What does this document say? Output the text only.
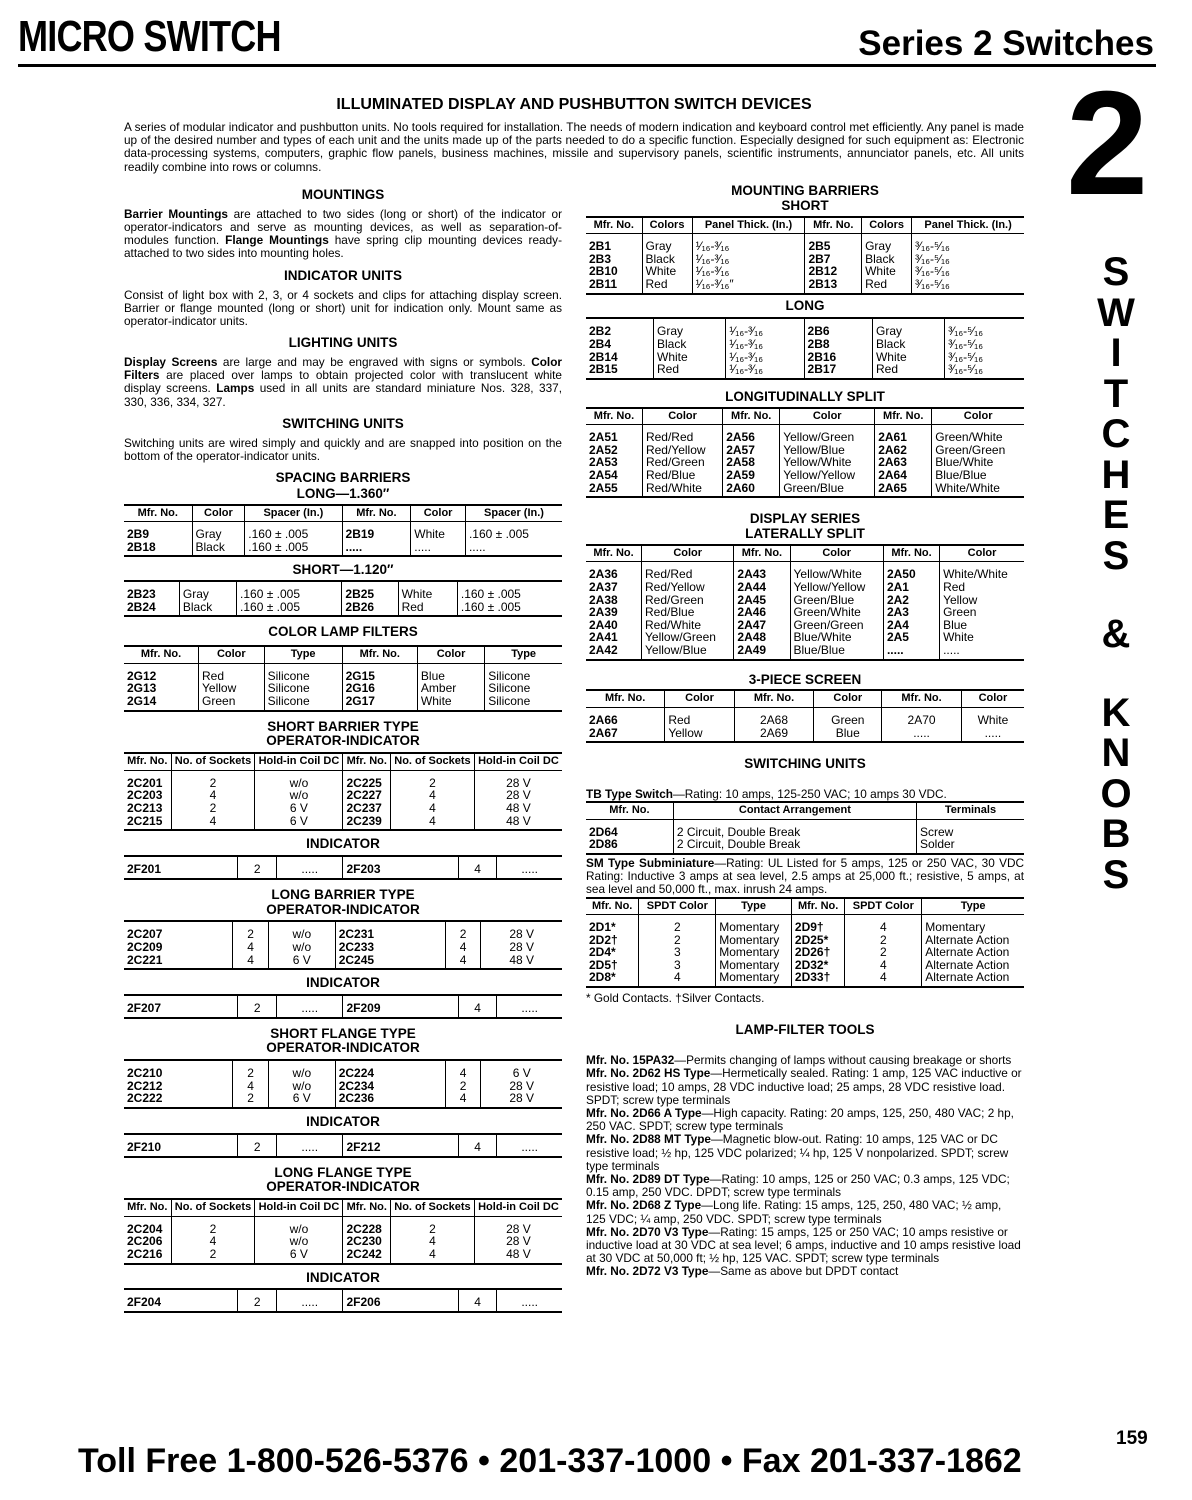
MICRO SWITCH	Series 2 Switches
2
S
W
I
T
C
H
E
S
&
K
N
O
B
S
ILLUMINATED DISPLAY AND PUSHBUTTON SWITCH DEVICES
A series of modular indicator and pushbutton units. No tools required for installation. The needs of modern indication and keyboard control met efficiently. Any panel is made up of the desired number and types of each unit and the units made up of the parts needed to do a specific function. Especially designed for such equipment as: Electronic data-processing systems, computers, graphic flow panels, business machines, missile and supervisory panels, scientific instruments, annunciator panels, etc. All units readily combine into rows or columns.
MOUNTINGS
Barrier Mountings are attached to two sides (long or short) of the indicator or operator-indicators and serve as mounting devices, as well as separation-of-modules function. Flange Mountings have spring clip mounting devices ready-attached to two sides into mounting holes.
INDICATOR UNITS
Consist of light box with 2, 3, or 4 sockets and clips for attaching display screen. Barrier or flange mounted (long or short) unit for indication only. Mount same as operator-indicator units.
LIGHTING UNITS
Display Screens are large and may be engraved with signs or symbols. Color Filters are placed over lamps to obtain projected color with translucent white display screens. Lamps used in all units are standard miniature Nos. 328, 337, 330, 336, 334, 327.
SWITCHING UNITS
Switching units are wired simply and quickly and are snapped into position on the bottom of the operator-indicator units.
SPACING BARRIERS
LONG—1.360″
Mfr. No.	Color	Spacer (In.)	Mfr. No.	Color	Spacer (In.)
2B9	Gray	.160 ± .005	2B19	White	.160 ± .005
2B18	Black	.160 ± .005	.....	.....	.....
SHORT—1.120″
2B23	Gray	.160 ± .005	2B25	White	.160 ± .005
2B24	Black	.160 ± .005	2B26	Red	.160 ± .005
COLOR LAMP FILTERS
Mfr. No.	Color	Type	Mfr. No.	Color	Type
2G12	Red	Silicone	2G15	Blue	Silicone
2G13	Yellow	Silicone	2G16	Amber	Silicone
2G14	Green	Silicone	2G17	White	Silicone
SHORT BARRIER TYPE
OPERATOR-INDICATOR
Mfr. No.	No. of Sockets	Hold-in Coil DC	Mfr. No.	No. of Sockets	Hold-in Coil DC
2C201	2	w/o	2C225	2	28 V
2C203	4	w/o	2C227	4	28 V
2C213	2	6 V	2C237	4	48 V
2C215	4	6 V	2C239	4	48 V
INDICATOR
2F201	2	.....	2F203	4	.....
LONG BARRIER TYPE
OPERATOR-INDICATOR
2C207	2	w/o	2C231	2	28 V
2C209	4	w/o	2C233	4	28 V
2C221	4	6 V	2C245	4	48 V
INDICATOR
2F207	2	.....	2F209	4	.....
SHORT FLANGE TYPE
OPERATOR-INDICATOR
2C210	2	w/o	2C224	4	6 V
2C212	4	w/o	2C234	2	28 V
2C222	2	6 V	2C236	4	28 V
INDICATOR
2F210	2	.....	2F212	4	.....
LONG FLANGE TYPE
OPERATOR-INDICATOR
Mfr. No.	No. of Sockets	Hold-in Coil DC	Mfr. No.	No. of Sockets	Hold-in Coil DC
2C204	2	w/o	2C228	2	28 V
2C206	4	w/o	2C230	4	28 V
2C216	2	6 V	2C242	4	48 V
INDICATOR
2F204	2	.....	2F206	4	.....
MOUNTING BARRIERS
SHORT
Mfr. No.	Colors	Panel Thick. (In.)	Mfr. No.	Colors	Panel Thick. (In.)
2B1	Gray	¹⁄₁₆-³⁄₁₆	2B5	Gray	³⁄₁₆-⁵⁄₁₆
2B3	Black	¹⁄₁₆-³⁄₁₆	2B7	Black	³⁄₁₆-⁵⁄₁₆
2B10	White	¹⁄₁₆-³⁄₁₆	2B12	White	³⁄₁₆-⁵⁄₁₆
2B11	Red	¹⁄₁₆-³⁄₁₆″	2B13	Red	³⁄₁₆-⁵⁄₁₆
LONG
2B2	Gray	¹⁄₁₆-³⁄₁₆	2B6	Gray	³⁄₁₆-⁵⁄₁₆
2B4	Black	¹⁄₁₆-³⁄₁₆	2B8	Black	³⁄₁₆-⁵⁄₁₆
2B14	White	¹⁄₁₆-³⁄₁₆	2B16	White	³⁄₁₆-⁵⁄₁₆
2B15	Red	¹⁄₁₆-³⁄₁₆	2B17	Red	³⁄₁₆-⁵⁄₁₆
LONGITUDINALLY SPLIT
Mfr. No.	Color	Mfr. No.	Color	Mfr. No.	Color
2A51	Red/Red	2A56	Yellow/Green	2A61	Green/White
2A52	Red/Yellow	2A57	Yellow/Blue	2A62	Green/Green
2A53	Red/Green	2A58	Yellow/White	2A63	Blue/White
2A54	Red/Blue	2A59	Yellow/Yellow	2A64	Blue/Blue
2A55	Red/White	2A60	Green/Blue	2A65	White/White
DISPLAY SERIES
LATERALLY SPLIT
Mfr. No.	Color	Mfr. No.	Color	Mfr. No.	Color
2A36	Red/Red	2A43	Yellow/White	2A50	White/White
2A37	Red/Yellow	2A44	Yellow/Yellow	2A1	Red
2A38	Red/Green	2A45	Green/Blue	2A2	Yellow
2A39	Red/Blue	2A46	Green/White	2A3	Green
2A40	Red/White	2A47	Green/Green	2A4	Blue
2A41	Yellow/Green	2A48	Blue/White	2A5	White
2A42	Yellow/Blue	2A49	Blue/Blue	.....	.....
3-PIECE SCREEN
Mfr. No.	Color	Mfr. No.	Color	Mfr. No.	Color
2A66	Red	2A68	Green	2A70	White
2A67	Yellow	2A69	Blue	.....	.....
SWITCHING UNITS
TB Type Switch—Rating: 10 amps, 125-250 VAC; 10 amps 30 VDC.
Mfr. No.	Contact Arrangement	Terminals
2D64	2 Circuit, Double Break	Screw
2D86	2 Circuit, Double Break	Solder
SM Type Subminiature—Rating: UL Listed for 5 amps, 125 or 250 VAC, 30 VDC Rating: Inductive 3 amps at sea level, 2.5 amps at 25,000 ft.; resistive, 5 amps, at sea level and 50,000 ft., max. inrush 24 amps.
Mfr. No.	SPDT Color	Type	Mfr. No.	SPDT Color	Type
2D1*	2	Momentary	2D9†	4	Momentary
2D2†	2	Momentary	2D25*	2	Alternate Action
2D4*	3	Momentary	2D26†	2	Alternate Action
2D5†	3	Momentary	2D32*	4	Alternate Action
2D8*	4	Momentary	2D33†	4	Alternate Action
* Gold Contacts. †Silver Contacts.
LAMP-FILTER TOOLS

Mfr. No. 15PA32—Permits changing of lamps without causing breakage or shorts

Mfr. No. 2D62 HS Type—Hermetically sealed. Rating: 1 amp, 125 VAC inductive or resistive load; 10 amps, 28 VDC inductive load; 25 amps, 28 VDC resistive load. SPDT; screw type terminals

Mfr. No. 2D66 A Type—High capacity. Rating: 20 amps, 125, 250, 480 VAC; 2 hp, 250 VAC. SPDT; screw type terminals

Mfr. No. 2D88 MT Type—Magnetic blow-out. Rating: 10 amps, 125 VAC or DC resistive load; ½ hp, 125 VDC polarized; ¼ hp, 125 V nonpolarized. SPDT; screw type terminals

Mfr. No. 2D89 DT Type—Rating: 10 amps, 125 or 250 VAC; 0.3 amps, 125 VDC; 0.15 amp, 250 VDC. DPDT; screw type terminals

Mfr. No. 2D68 Z Type—Long life. Rating: 15 amps, 125, 250, 480 VAC; ½ amp, 125 VDC; ¼ amp, 250 VDC. SPDT; screw type terminals

Mfr. No. 2D70 V3 Type—Rating: 15 amps, 125 or 250 VAC; 10 amps resistive or inductive load at 30 VDC at sea level; 6 amps, inductive and 10 amps resistive load at 30 VDC at 50,000 ft; ½ hp, 125 VAC. SPDT; screw type terminals

Mfr. No. 2D72 V3 Type—Same as above but DPDT contact

159
Toll Free 1-800-526-5376 • 201-337-1000 • Fax 201-337-1862
